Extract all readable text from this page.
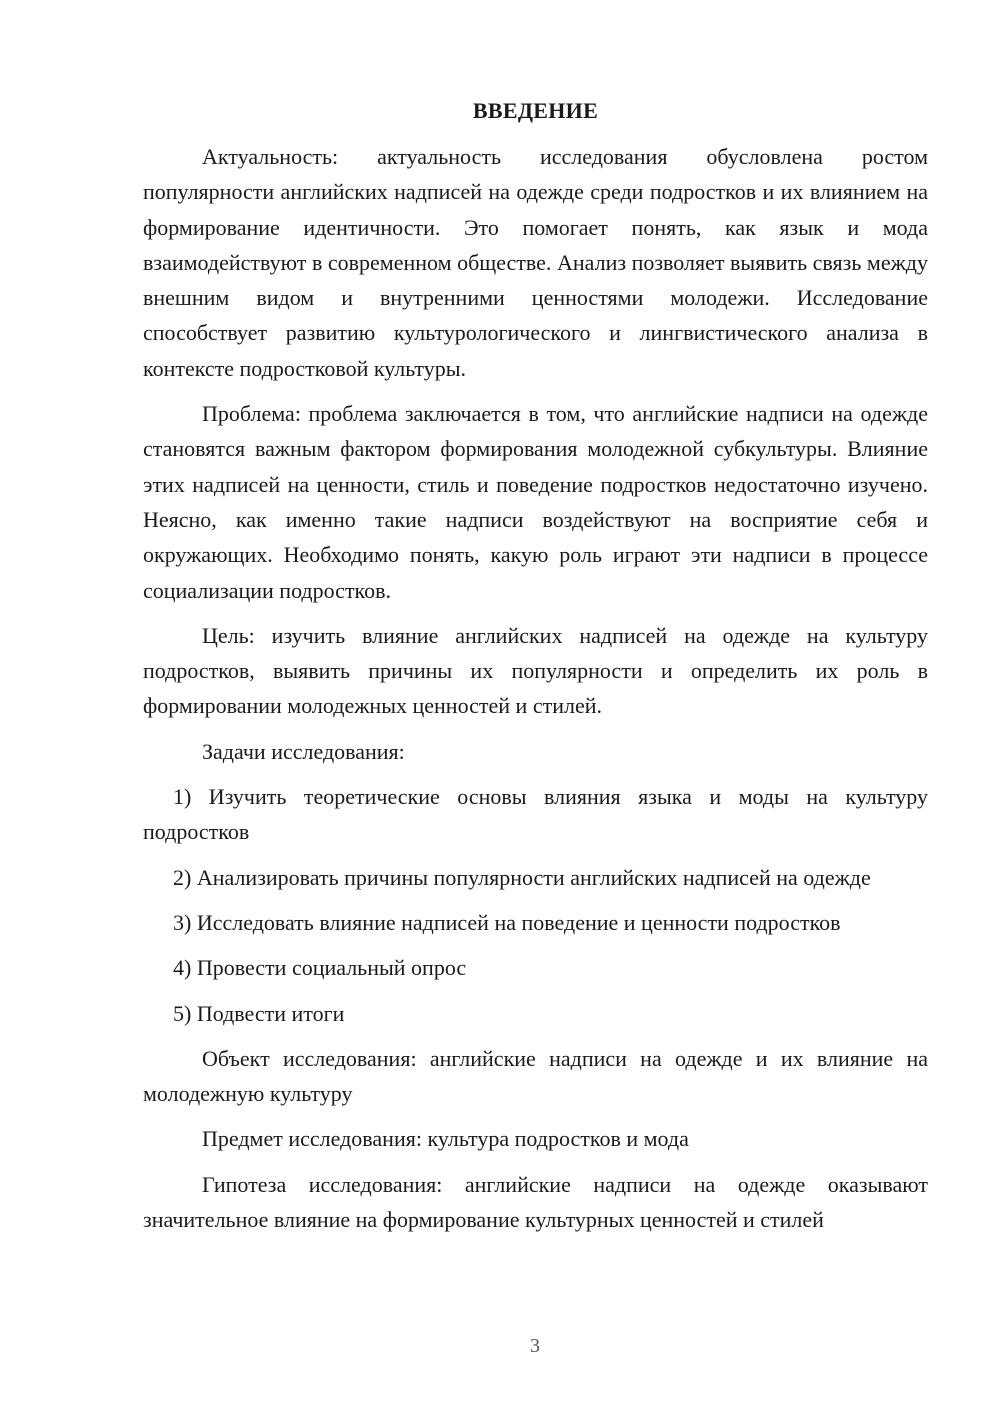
ВВЕДЕНИЕ

Актуальность: актуальность исследования обусловлена ростом популярности английских надписей на одежде среди подростков и их влиянием на формирование идентичности. Это помогает понять, как язык и мода взаимодействуют в современном обществе. Анализ позволяет выявить связь между внешним видом и внутренними ценностями молодежи. Исследование способствует развитию культурологического и лингвистического анализа в контексте подростковой культуры.

Проблема: проблема заключается в том, что английские надписи на одежде становятся важным фактором формирования молодежной субкультуры. Влияние этих надписей на ценности, стиль и поведение подростков недостаточно изучено. Неясно, как именно такие надписи воздействуют на восприятие себя и окружающих. Необходимо понять, какую роль играют эти надписи в процессе социализации подростков.

Цель: изучить влияние английских надписей на одежде на культуру подростков, выявить причины их популярности и определить их роль в формировании молодежных ценностей и стилей.

Задачи исследования:

1) Изучить теоретические основы влияния языка и моды на культуру подростков

2) Анализировать причины популярности английских надписей на одежде

3) Исследовать влияние надписей на поведение и ценности подростков

4) Провести социальный опрос

5) Подвести итоги

Объект исследования: английские надписи на одежде и их влияние на молодежную культуру

Предмет исследования: культура подростков и мода

Гипотеза исследования: английские надписи на одежде оказывают значительное влияние на формирование культурных ценностей и стилей

3
